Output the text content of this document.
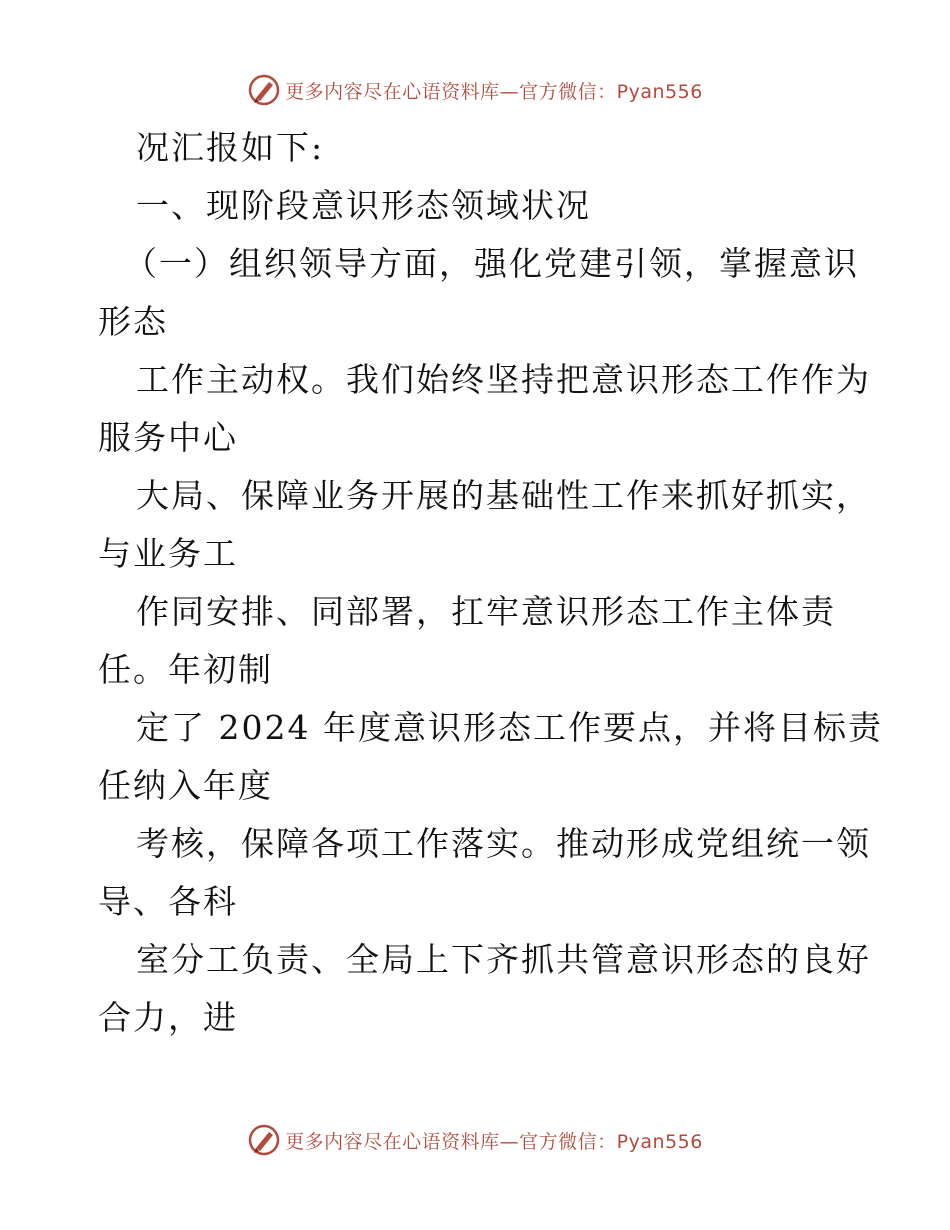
更多内容尽在心语资料库—官方微信：Pyan556
况汇报如下:
一、现阶段意识形态领域状况
（一）组织领导方面，强化党建引领，掌握意识
形态
工作主动权。我们始终坚持把意识形态工作作为
服务中心
大局、保障业务开展的基础性工作来抓好抓实，
与业务工
作同安排、同部署，扛牢意识形态工作主体责
任。年初制
定了 2024 年度意识形态工作要点，并将目标责
任纳入年度
考核，保障各项工作落实。推动形成党组统一领
导、各科
室分工负责、全局上下齐抓共管意识形态的良好
合力，进
更多内容尽在心语资料库—官方微信：Pyan556
